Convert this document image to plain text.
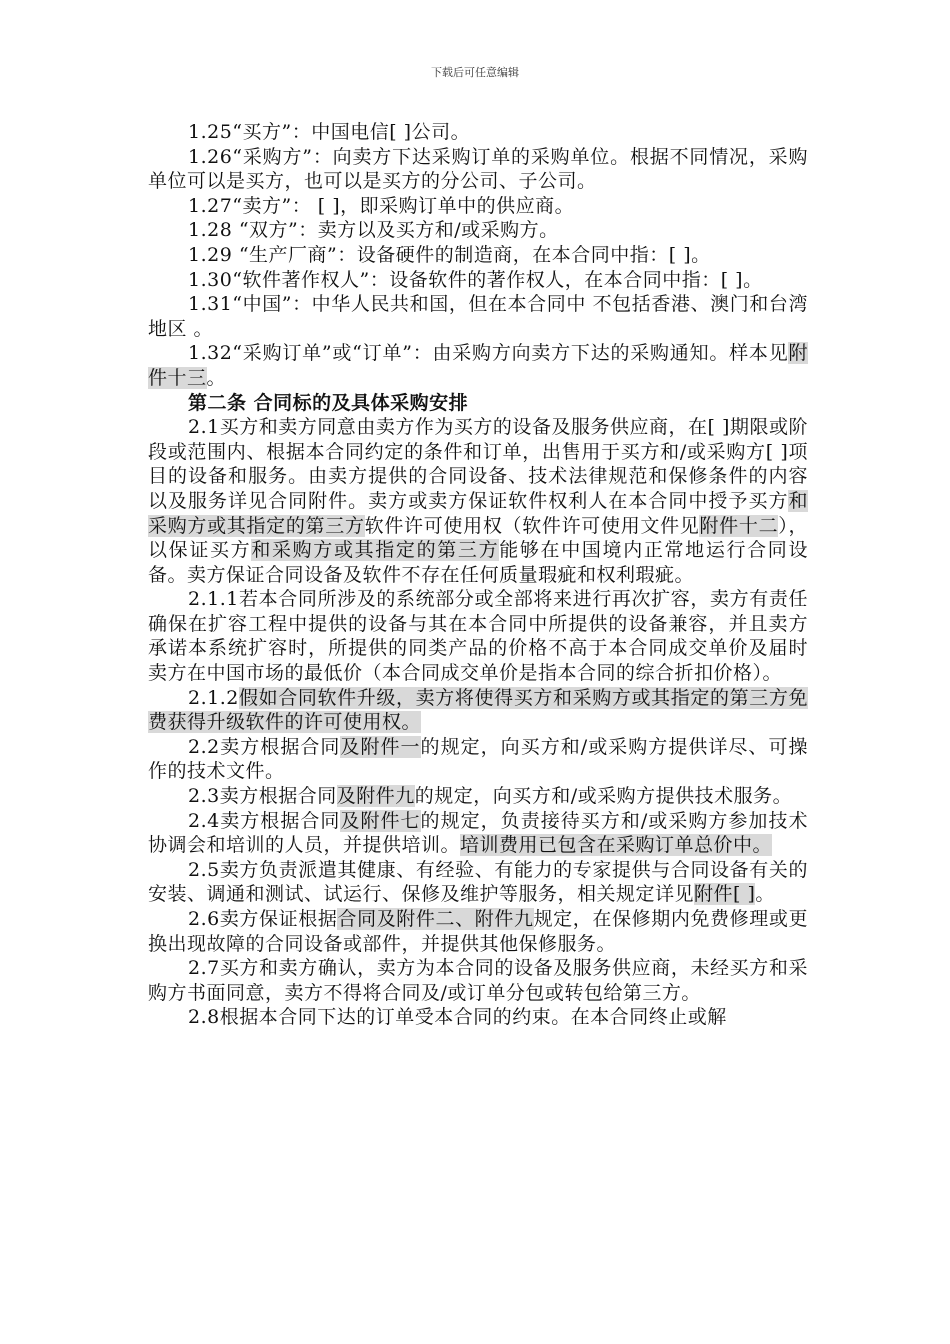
下载后可任意编辑

1.25“买方”：中国电信[ ]公司。

1.26“采购方”：向卖方下达采购订单的采购单位。根据不同情况，采购单位可以是买方，也可以是买方的分公司、子公司。

1.27“卖方”： [ ]，即采购订单中的供应商。

1.28 “双方”：卖方以及买方和/或采购方。

1.29 “生产厂商”：设备硬件的制造商，在本合同中指：[ ]。

1.30“软件著作权人”：设备软件的著作权人，在本合同中指：[ ]。

1.31“中国”：中华人民共和国，但在本合同中 不包括香港、澳门和台湾地区 。

1.32“采购订单”或“订单”：由采购方向卖方下达的采购通知。样本见附件十三。

第二条 合同标的及具体采购安排

2.1买方和卖方同意由卖方作为买方的设备及服务供应商，在[ ]期限或阶段或范围内、根据本合同约定的条件和订单，出售用于买方和/或采购方[ ]项目的设备和服务。由卖方提供的合同设备、技术法律规范和保修条件的内容以及服务详见合同附件。卖方或卖方保证软件权利人在本合同中授予买方和采购方或其指定的第三方软件许可使用权（软件许可使用文件见附件十二），以保证买方和采购方或其指定的第三方能够在中国境内正常地运行合同设备。卖方保证合同设备及软件不存在任何质量瑕疵和权利瑕疵。

2.1.1若本合同所涉及的系统部分或全部将来进行再次扩容，卖方有责任确保在扩容工程中提供的设备与其在本合同中所提供的设备兼容，并且卖方承诺本系统扩容时，所提供的同类产品的价格不高于本合同成交单价及届时卖方在中国市场的最低价（本合同成交单价是指本合同的综合折扣价格）。

2.1.2假如合同软件升级，卖方将使得买方和采购方或其指定的第三方免费获得升级软件的许可使用权。

2.2卖方根据合同及附件一的规定，向买方和/或采购方提供详尽、可操作的技术文件。

2.3卖方根据合同及附件九的规定，向买方和/或采购方提供技术服务。

2.4卖方根据合同及附件七的规定，负责接待买方和/或采购方参加技术协调会和培训的人员，并提供培训。培训费用已包含在采购订单总价中。

2.5卖方负责派遣其健康、有经验、有能力的专家提供与合同设备有关的安装、调通和测试、试运行、保修及维护等服务，相关规定详见附件[ ]。

2.6卖方保证根据合同及附件二、附件九规定，在保修期内免费修理或更换出现故障的合同设备或部件，并提供其他保修服务。

2.7买方和卖方确认，卖方为本合同的设备及服务供应商，未经买方和采购方书面同意，卖方不得将合同及/或订单分包或转包给第三方。

2.8根据本合同下达的订单受本合同的约束。在本合同终止或解
